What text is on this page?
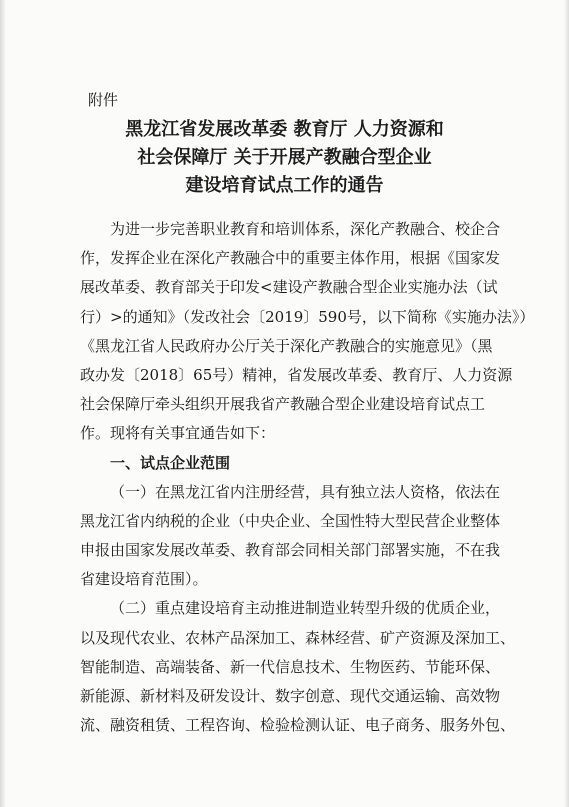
附件
黑龙江省发展改革委 教育厅 人力资源和
社会保障厅 关于开展产教融合型企业
建设培育试点工作的通告
为进一步完善职业教育和培训体系，深化产教融合、校企合
作，发挥企业在深化产教融合中的重要主体作用，根据《国家发
展改革委、教育部关于印发<建设产教融合型企业实施办法（试
行）>的通知》（发改社会〔2019〕590号，以下简称《实施办法》）
《黑龙江省人民政府办公厅关于深化产教融合的实施意见》（黑
政办发〔2018〕65号）精神，省发展改革委、教育厅、人力资源
社会保障厅牵头组织开展我省产教融合型企业建设培育试点工
作。现将有关事宜通告如下：
一、试点企业范围
（一）在黑龙江省内注册经营，具有独立法人资格，依法在
黑龙江省内纳税的企业（中央企业、全国性特大型民营企业整体
申报由国家发展改革委、教育部会同相关部门部署实施，不在我
省建设培育范围）。
（二）重点建设培育主动推进制造业转型升级的优质企业，
以及现代农业、农林产品深加工、森林经营、矿产资源及深加工、
智能制造、高端装备、新一代信息技术、生物医药、节能环保、
新能源、新材料及研发设计、数字创意、现代交通运输、高效物
流、融资租赁、工程咨询、检验检测认证、电子商务、服务外包、
